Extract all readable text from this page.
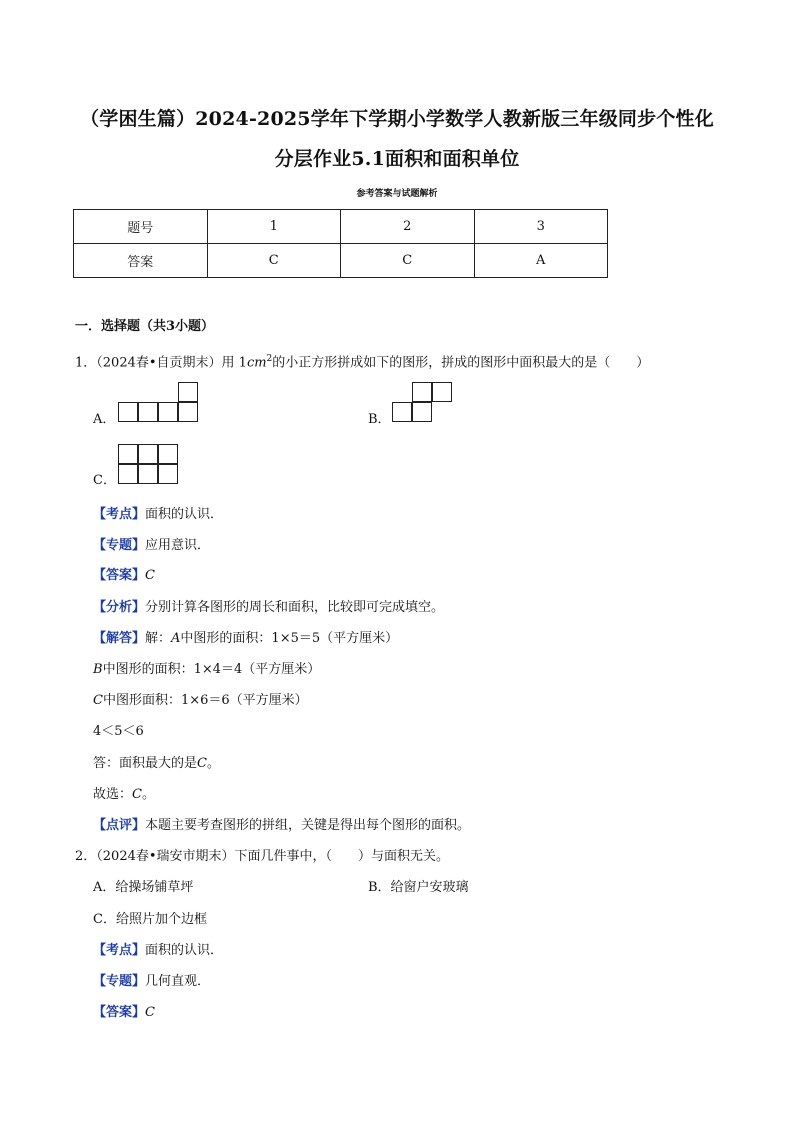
（学困生篇）2024-2025学年下学期小学数学人教新版三年级同步个性化
分层作业5.1面积和面积单位
参考答案与试题解析
题号	1	2	3
答案	C	C	A
一．选择题（共3小题）
1．（2024春•自贡期末）用 $1cm^2$的小正方形拼成如下的图形，拼成的图形中面积最大的是（　　）
A．	B．
C．
【考点】面积的认识．
【专题】应用意识．
【答案】C
【分析】分别计算各图形的周长和面积，比较即可完成填空。
【解答】解：A中图形的面积：1×5＝5（平方厘米）
B中图形的面积：1×4＝4（平方厘米）
C中图形面积：1×6＝6（平方厘米）
4＜5＜6
答：面积最大的是C。
故选：C。
【点评】本题主要考查图形的拼组，关键是得出每个图形的面积。
2．（2024春•瑞安市期末）下面几件事中，（　　）与面积无关。
A．给操场铺草坪	B．给窗户安玻璃
C．给照片加个边框
【考点】面积的认识．
【专题】几何直观．
【答案】C
